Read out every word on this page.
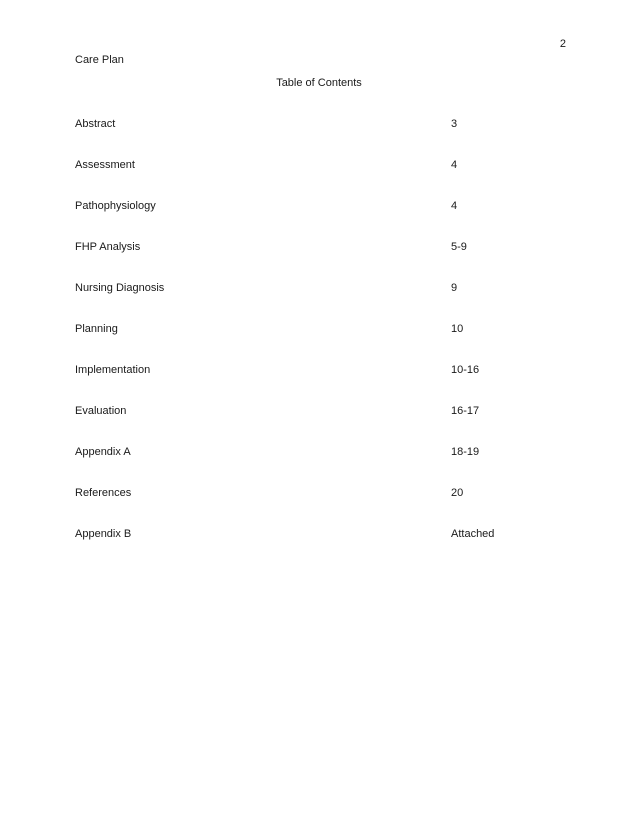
2
Care Plan
Table of Contents
Abstract	3
Assessment	4
Pathophysiology	4
FHP Analysis	5-9
Nursing Diagnosis	9
Planning	10
Implementation	10-16
Evaluation	16-17
Appendix A	18-19
References	20
Appendix B	Attached
